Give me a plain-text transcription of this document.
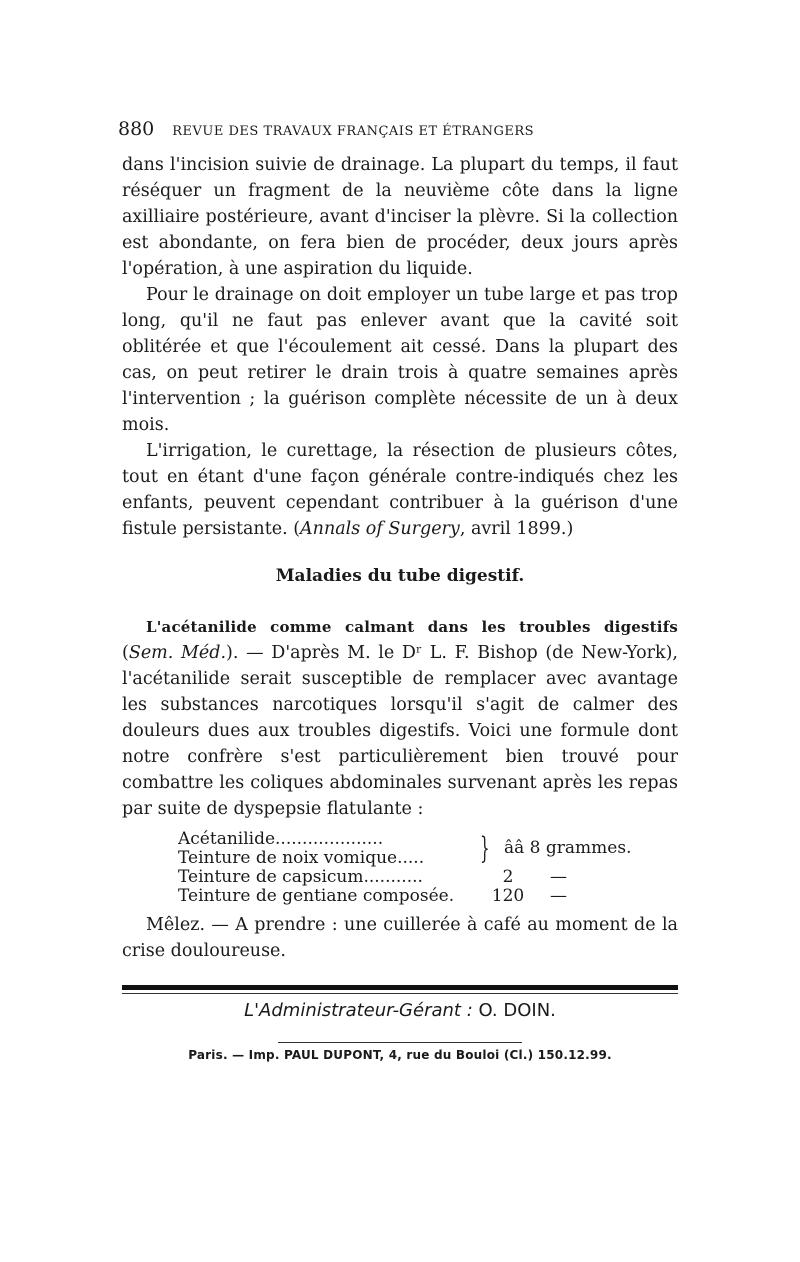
880 REVUE DES TRAVAUX FRANÇAIS ET ÉTRANGERS

dans l'incision suivie de drainage. La plupart du temps, il faut réséquer un fragment de la neuvième côte dans la ligne axilliaire postérieure, avant d'inciser la plèvre. Si la collection est abondante, on fera bien de procéder, deux jours après l'opération, à une aspiration du liquide.

Pour le drainage on doit employer un tube large et pas trop long, qu'il ne faut pas enlever avant que la cavité soit oblitérée et que l'écoulement ait cessé. Dans la plupart des cas, on peut retirer le drain trois à quatre semaines après l'intervention ; la guérison complète nécessite de un à deux mois.

L'irrigation, le curettage, la résection de plusieurs côtes, tout en étant d'une façon générale contre-indiqués chez les enfants, peuvent cependant contribuer à la guérison d'une fistule persistante. (Annals of Surgery, avril 1899.)

Maladies du tube digestif.

L'acétanilide comme calmant dans les troubles digestifs (Sem. Méd.). — D'après M. le Dʳ L. F. Bishop (de New-York), l'acétanilide serait susceptible de remplacer avec avantage les substances narcotiques lorsqu'il s'agit de calmer des douleurs dues aux troubles digestifs. Voici une formule dont notre confrère s'est particulièrement bien trouvé pour combattre les coliques abdominales survenant après les repas par suite de dyspepsie flatulante :

Acétanilide....................
Teinture de noix vomique.....	} ââ 8 grammes.
Teinture de capsicum...........	2	—
Teinture de gentiane composée.	120	—

Mêlez. — A prendre : une cuillerée à café au moment de la crise douloureuse.

L'Administrateur-Gérant : O. DOIN.
Paris. — Imp. PAUL DUPONT, 4, rue du Bouloi (Cl.) 150.12.99.
